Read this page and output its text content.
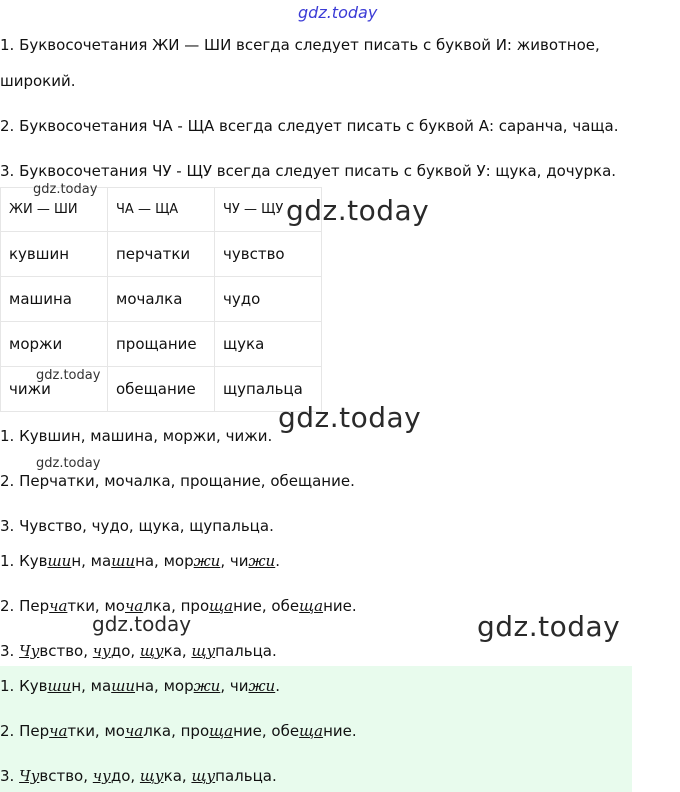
gdz.today
1. Буквосочетания ЖИ — ШИ всегда следует писать с буквой И: животное,
широкий.
2. Буквосочетания ЧА - ЩА всегда следует писать с буквой А: саранча, чаща.
3. Буквосочетания ЧУ - ЩУ всегда следует писать с буквой У: щука, дочурка.
ЖИ — ШИ	ЧА — ЩА	ЧУ — ЩУ
кувшин	перчатки	чувство
машина	мочалка	чудо
моржи	прощание	щука
чижи	обещание	щупальца
gdz.today
gdz.today
gdz.today
gdz.today
gdz.today
1. Кувшин, машина, моржи, чижи.
2. Перчатки, мочалка, прощание, обещание.
3. Чувство, чудо, щука, щупальца.
1. Кувшин, машина, моржи, чижи.
2. Перчатки, мочалка, прощание, обещание.
3. Чувство, чудо, щука, щупальца.
gdz.today	gdz.today
1. Кувшин, машина, моржи, чижи.
2. Перчатки, мочалка, прощание, обещание.
3. Чувство, чудо, щука, щупальца.
